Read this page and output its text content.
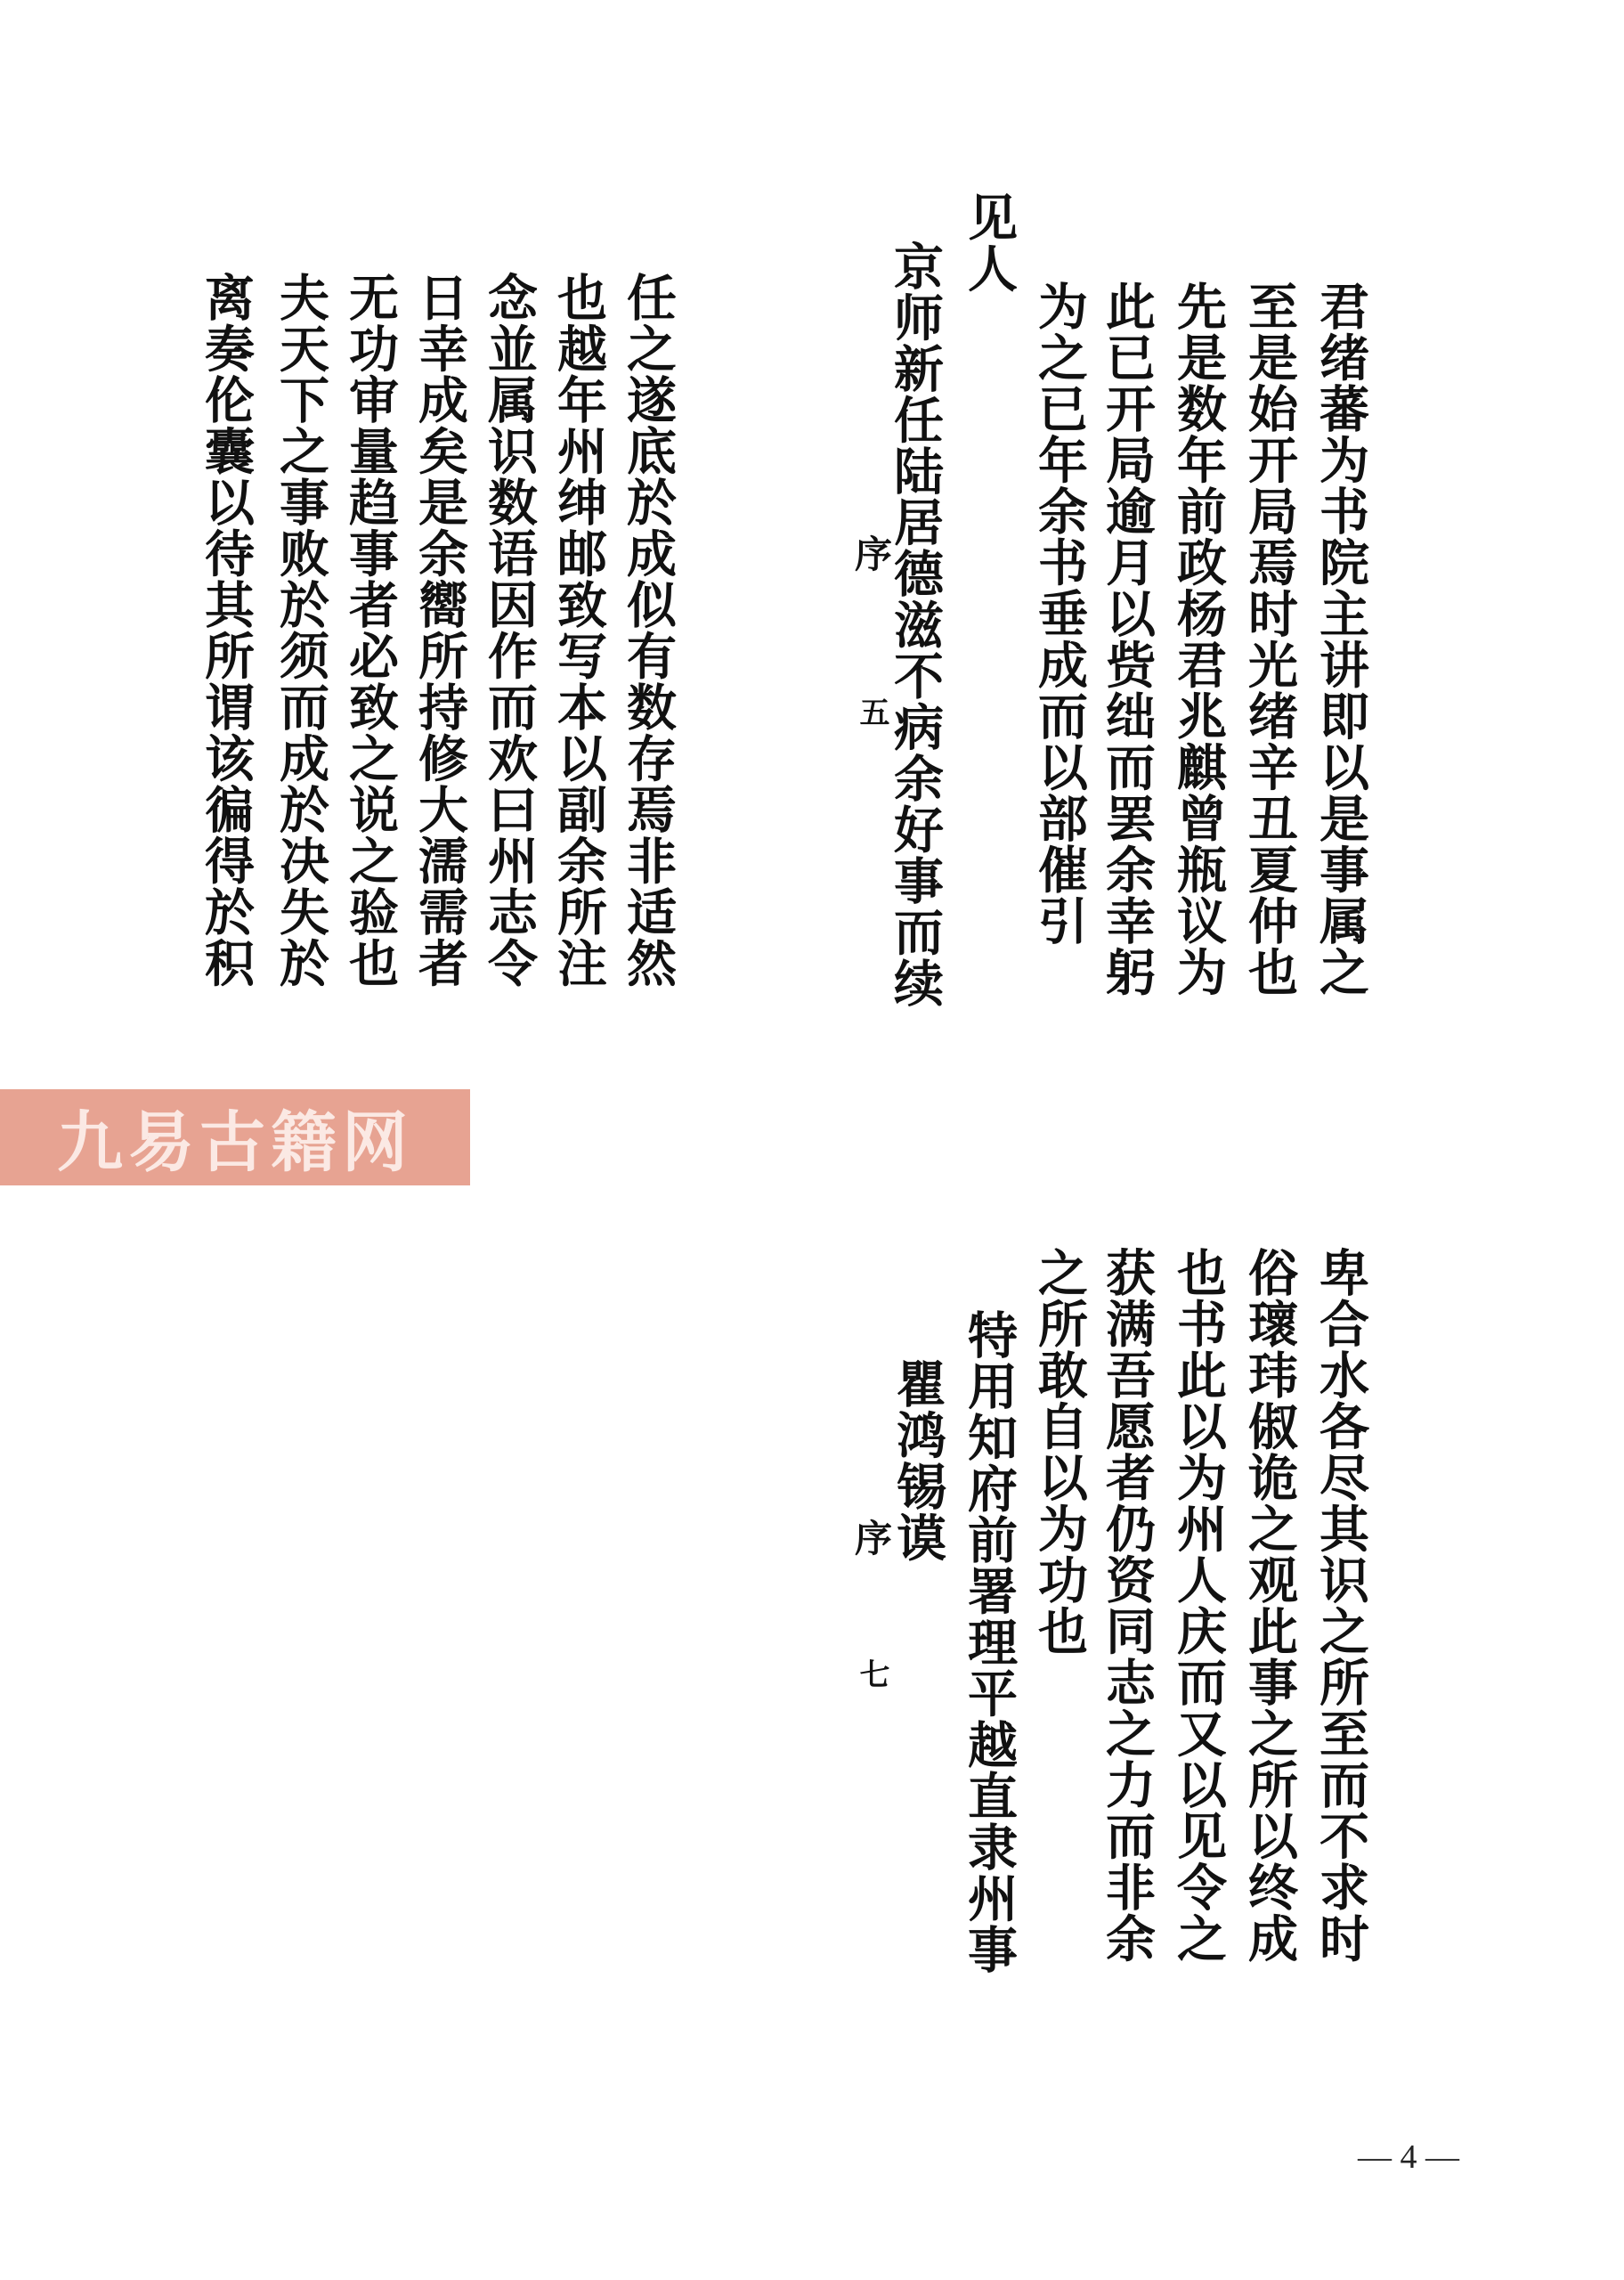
君绪蕃为书院主讲即以是事属之
至是始开局焉时光绪辛丑夏仲也
先是数年前政杨君兆麒曾瓶议为
此已开局逾月以赀绌而罢余幸躬
为之已年余书垂成而以部催引
见人
京师新任陆居德滋不病余好事而续
任之遂底於成似有数存焉非适然
也越年州绅邮致写本以副余所注
念並属识数语因作而欢曰州志令
日幸成矣是余嚮所持修大濡需者
无功审量趋事者必致之说之验也
夫天下之事败於须而成於决失於
离奏伦囊以待其所谓该徧得於积	序
五
九易古籍网
卑合水各尽其识之所至而不求时
俗瓌玮俶诡之观此事之所以终成
也书此以为州人庆而又以见令之
获满吾愿者仍资同志之力而非余
之所敢自以为功也
特用知府前署理平越直隶州事
瞿鸿锡谟
序
七
— 4 —
